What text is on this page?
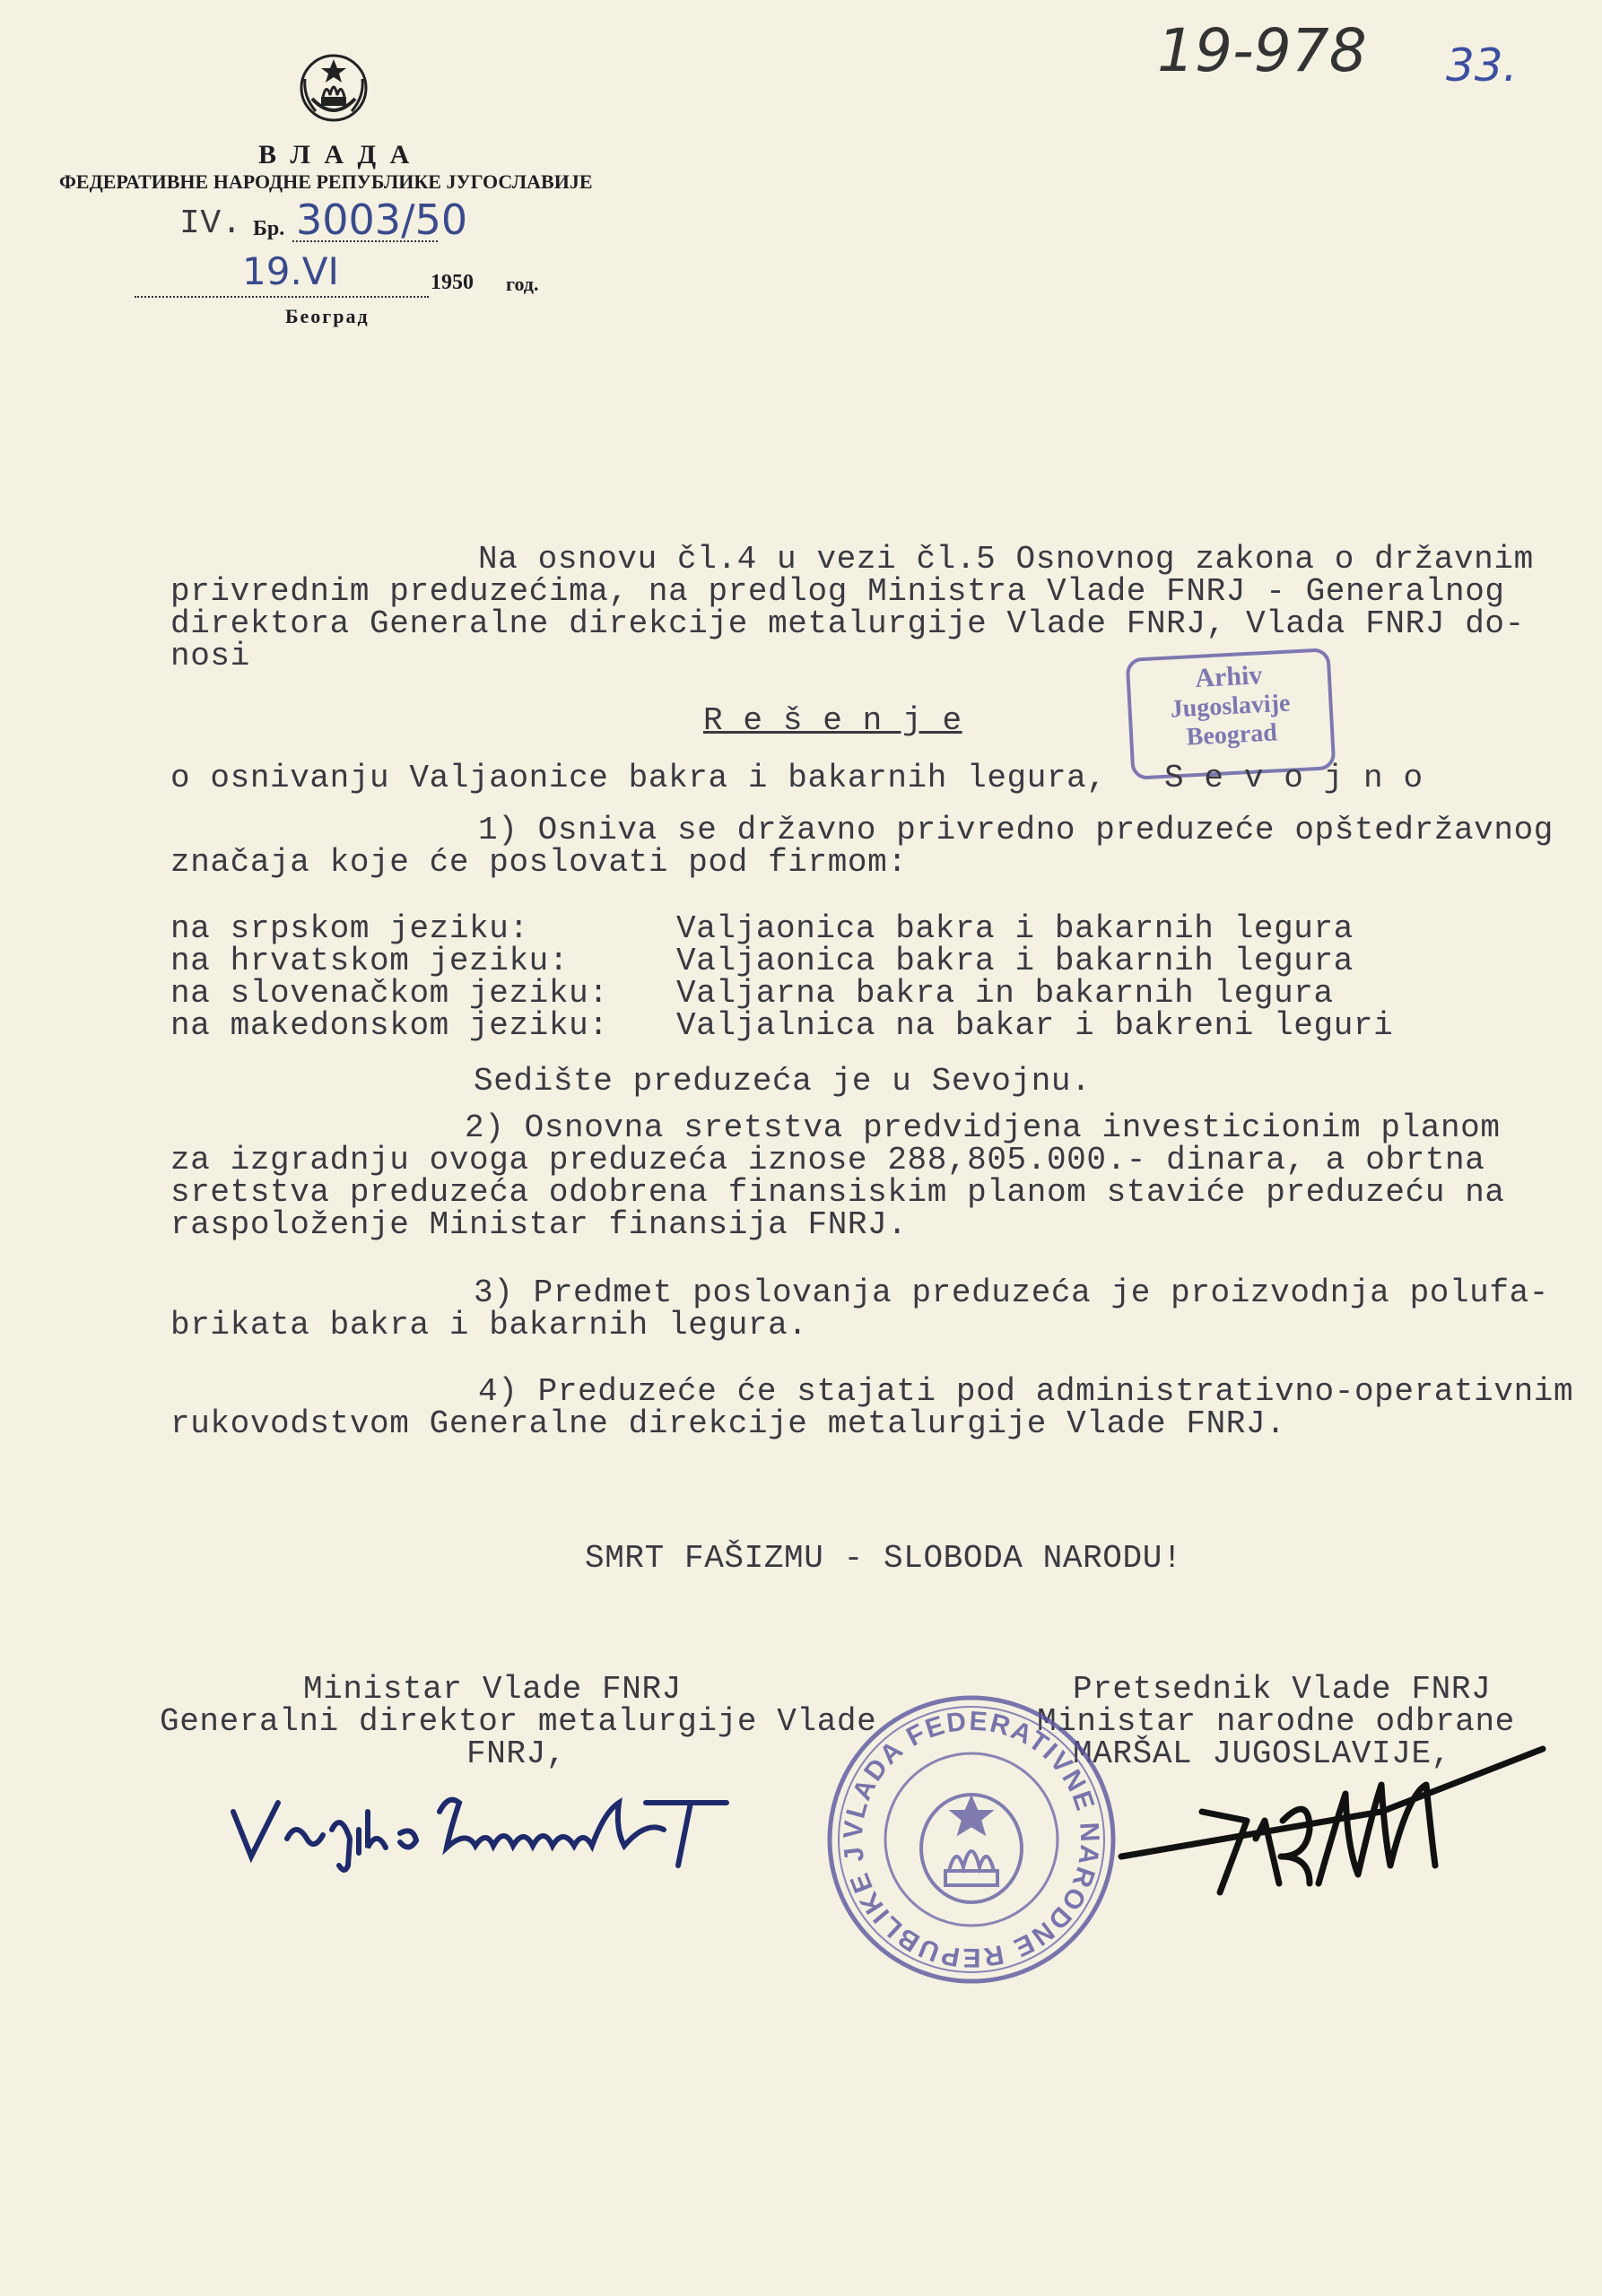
19-978 33.
В Л А Д А
ФЕДЕРАТИВНЕ НАРОДНЕ РЕПУБЛИКЕ ЈУГОСЛАВИЈЕ
IV. Бр. 3003/50
19.VI	1950 год.
Београд
Na osnovu čl.4 u vezi čl.5 Osnovnog zakona o državnim
privrednim preduzećima, na predlog Ministra Vlade FNRJ - Generalnog
direktora Generalne direkcije metalurgije Vlade FNRJ, Vlada FNRJ do-
nosi
Arhiv
Jugoslavije
Beograd
R e š e n j e
o osnivanju Valjaonice bakra i bakarnih legura, S e v o j n o
1) Osniva se državno privredno preduzeće opštedržavnog
značaja koje će poslovati pod firmom:
na srpskom jeziku:	Valjaonica bakra i bakarnih legura
na hrvatskom jeziku:	Valjaonica bakra i bakarnih legura
na slovenačkom jeziku: Valjarna bakra in bakarnih legura
na makedonskom jeziku: Valjalnica na bakar i bakreni leguri
Sedište preduzeća je u Sevojnu.
2) Osnovna sretstva predvidjena investicionim planom
za izgradnju ovoga preduzeća iznose 288,805.000.- dinara, a obrtna
sretstva preduzeća odobrena finansiskim planom staviće preduzeću na
raspoloženje Ministar finansija FNRJ.
3) Predmet poslovanja preduzeća je proizvodnja polufa-
brikata bakra i bakarnih legura.
4) Preduzeće će stajati pod administrativno-operativnim
rukovodstvom Generalne direkcije metalurgije Vlade FNRJ.
SMRT FAŠIZMU - SLOBODA NARODU!
Ministar Vlade FNRJ
Generalni direktor metalurgije Vlade
FNRJ,
Pretsednik Vlade FNRJ
Ministar narodne odbrane
MARŠAL JUGOSLAVIJE,
VLADA FEDERATIVNE NARODNE REPUBLIKE JUGOSLAVIJE
